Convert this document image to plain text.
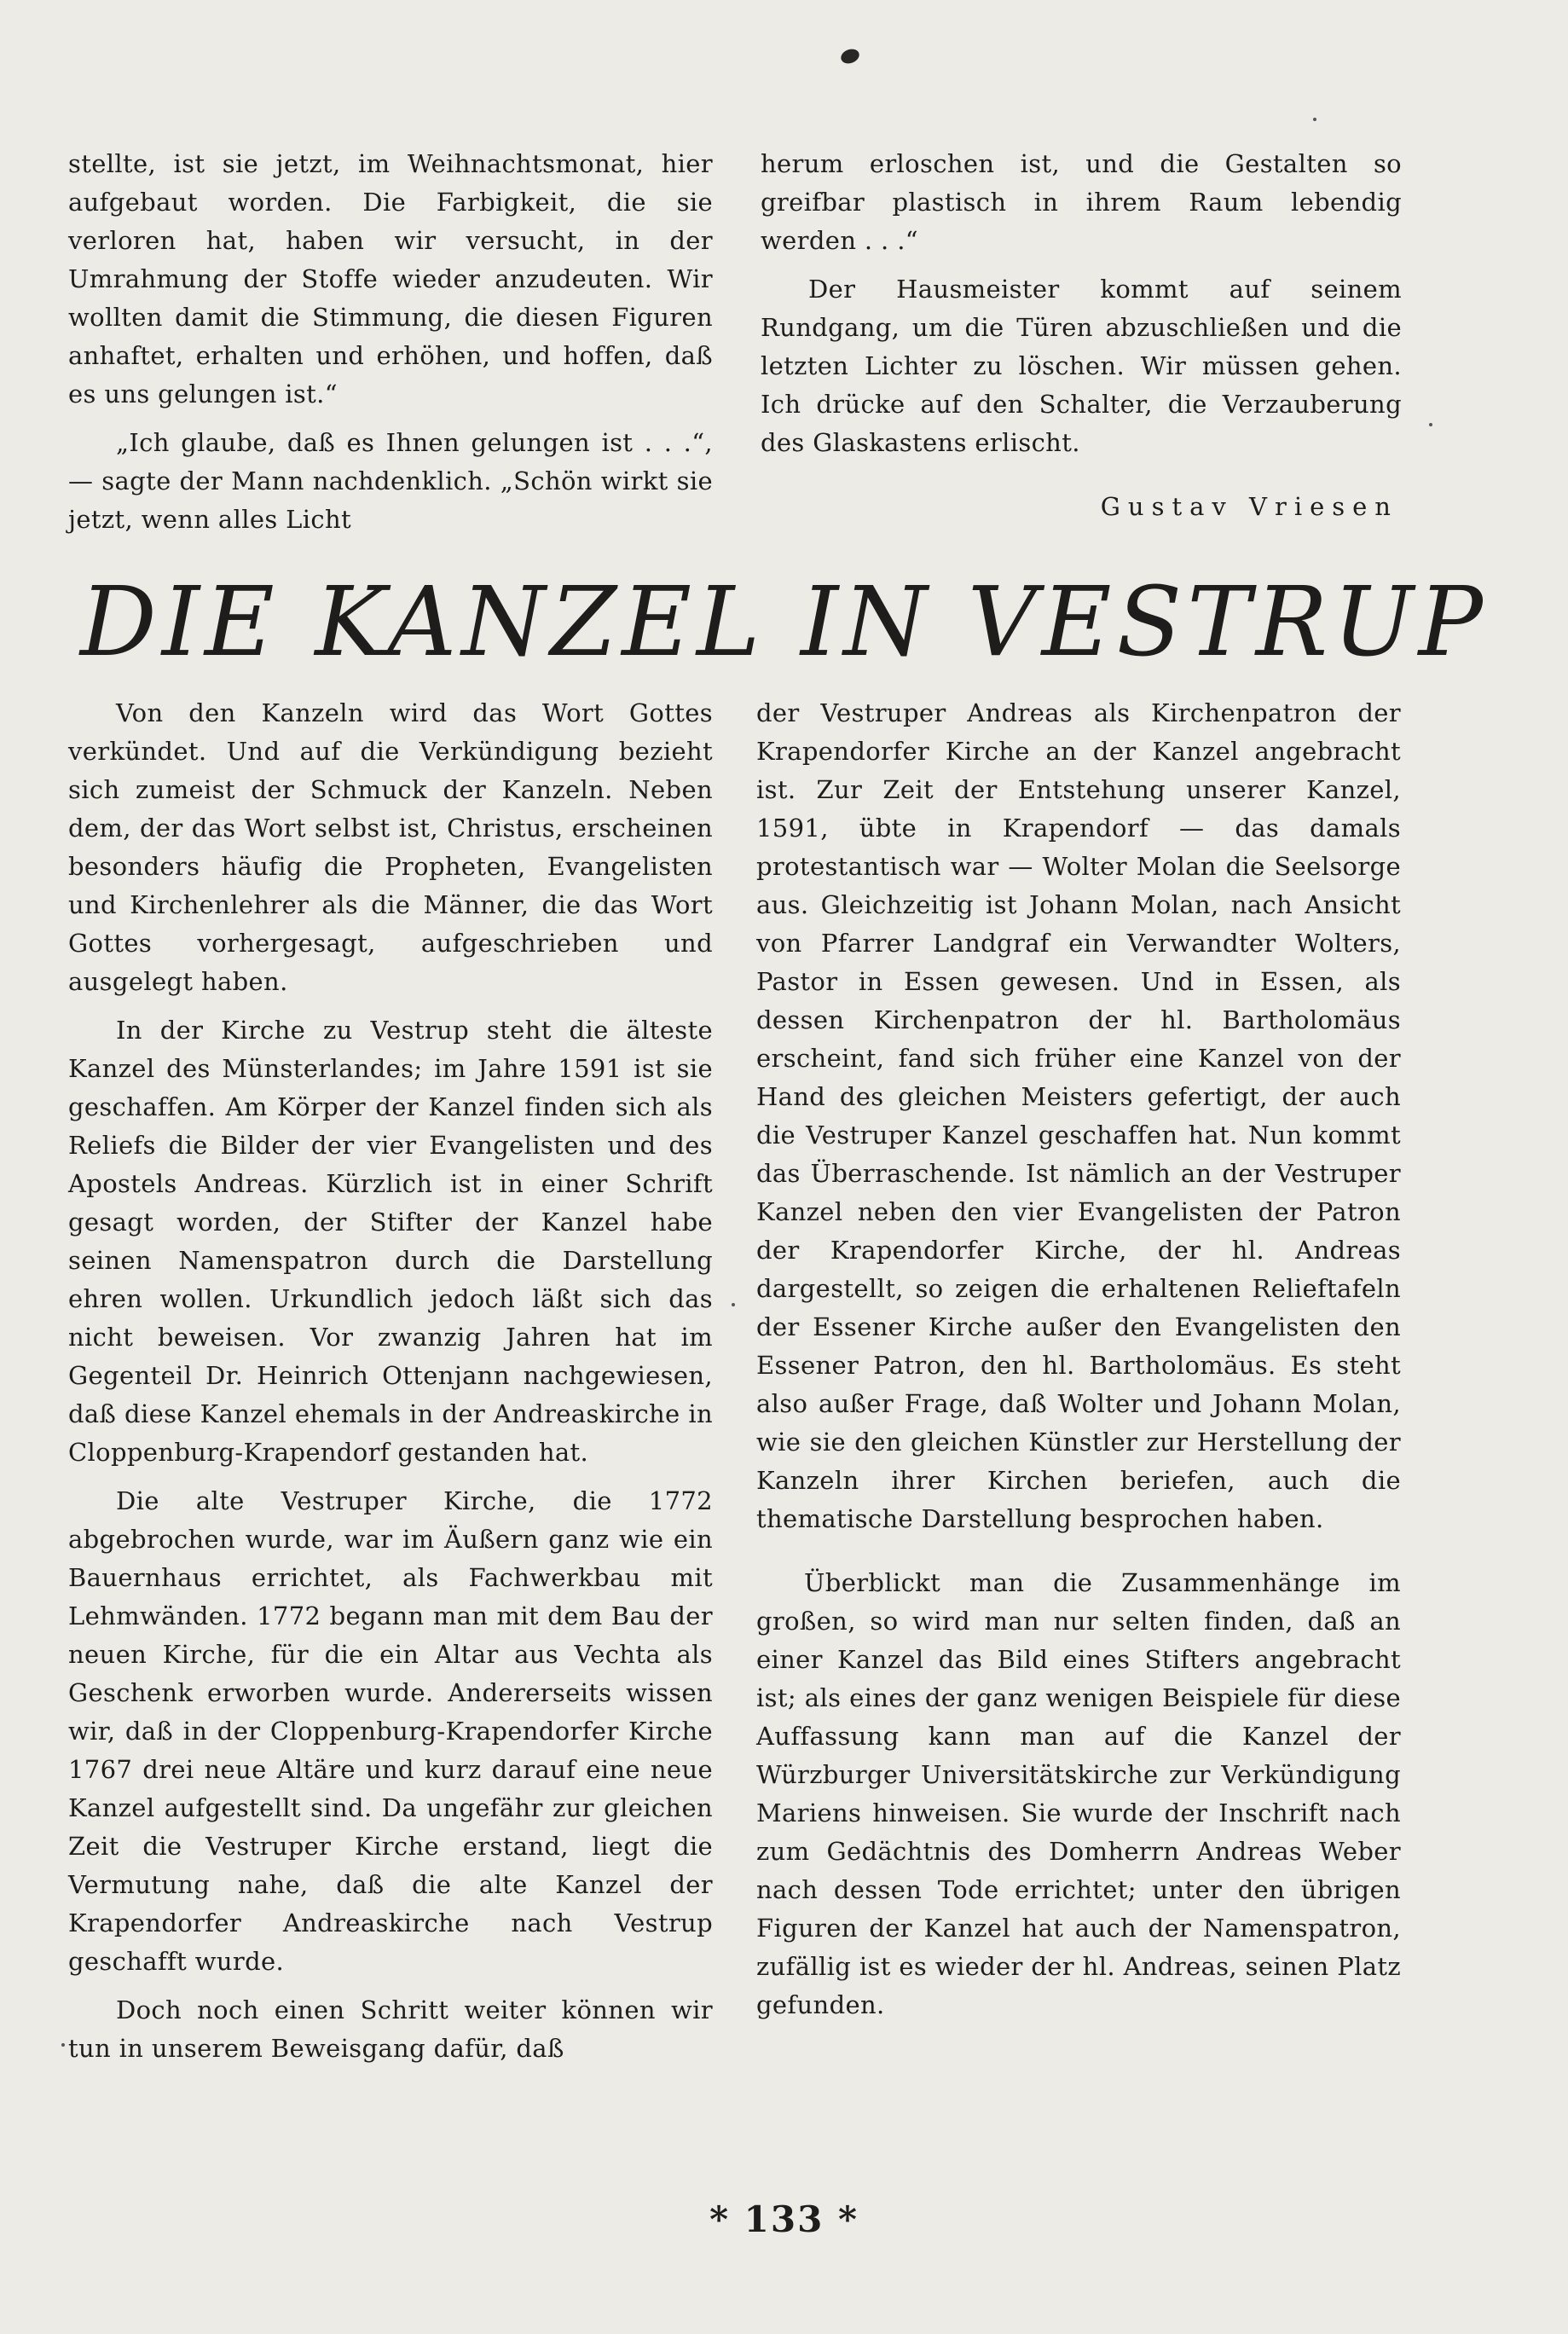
stellte, ist sie jetzt, im Weihnachtsmonat, hier aufgebaut worden. Die Farbigkeit, die sie verloren hat, haben wir versucht, in der Umrahmung der Stoffe wieder anzudeuten. Wir wollten damit die Stimmung, die diesen Figuren anhaftet, erhalten und erhöhen, und hoffen, daß es uns gelungen ist.“

„Ich glaube, daß es Ihnen gelungen ist . . .“, — sagte der Mann nachdenklich. „Schön wirkt sie jetzt, wenn alles Licht

herum erloschen ist, und die Gestalten so greifbar plastisch in ihrem Raum lebendig werden . . .“

Der Hausmeister kommt auf seinem Rundgang, um die Türen abzuschließen und die letzten Lichter zu löschen. Wir müssen gehen. Ich drücke auf den Schalter, die Verzauberung des Glaskastens erlischt.

Gustav Vriesen

DIE KANZEL IN VESTRUP

Von den Kanzeln wird das Wort Gottes verkündet. Und auf die Verkündigung bezieht sich zumeist der Schmuck der Kanzeln. Neben dem, der das Wort selbst ist, Christus, erscheinen besonders häufig die Propheten, Evangelisten und Kirchenlehrer als die Männer, die das Wort Gottes vorhergesagt, aufgeschrieben und ausgelegt haben.

In der Kirche zu Vestrup steht die älteste Kanzel des Münsterlandes; im Jahre 1591 ist sie geschaffen. Am Körper der Kanzel finden sich als Reliefs die Bilder der vier Evangelisten und des Apostels Andreas. Kürzlich ist in einer Schrift gesagt worden, der Stifter der Kanzel habe seinen Namenspatron durch die Darstellung ehren wollen. Urkundlich jedoch läßt sich das nicht beweisen. Vor zwanzig Jahren hat im Gegenteil Dr. Heinrich Ottenjann nachgewiesen, daß diese Kanzel ehemals in der Andreaskirche in Cloppenburg-Krapendorf gestanden hat.

Die alte Vestruper Kirche, die 1772 abgebrochen wurde, war im Äußern ganz wie ein Bauernhaus errichtet, als Fachwerkbau mit Lehmwänden. 1772 begann man mit dem Bau der neuen Kirche, für die ein Altar aus Vechta als Geschenk erworben wurde. Andererseits wissen wir, daß in der Cloppenburg-Krapendorfer Kirche 1767 drei neue Altäre und kurz darauf eine neue Kanzel aufgestellt sind. Da ungefähr zur gleichen Zeit die Vestruper Kirche erstand, liegt die Vermutung nahe, daß die alte Kanzel der Krapendorfer Andreaskirche nach Vestrup geschafft wurde.

Doch noch einen Schritt weiter können wir tun in unserem Beweisgang dafür, daß

der Vestruper Andreas als Kirchenpatron der Krapendorfer Kirche an der Kanzel angebracht ist. Zur Zeit der Entstehung unserer Kanzel, 1591, übte in Krapendorf — das damals protestantisch war — Wolter Molan die Seelsorge aus. Gleichzeitig ist Johann Molan, nach Ansicht von Pfarrer Landgraf ein Verwandter Wolters, Pastor in Essen gewesen. Und in Essen, als dessen Kirchenpatron der hl. Bartholomäus erscheint, fand sich früher eine Kanzel von der Hand des gleichen Meisters gefertigt, der auch die Vestruper Kanzel geschaffen hat. Nun kommt das Überraschende. Ist nämlich an der Vestruper Kanzel neben den vier Evangelisten der Patron der Krapendorfer Kirche, der hl. Andreas dargestellt, so zeigen die erhaltenen Relieftafeln der Essener Kirche außer den Evangelisten den Essener Patron, den hl. Bartholomäus. Es steht also außer Frage, daß Wolter und Johann Molan, wie sie den gleichen Künstler zur Herstellung der Kanzeln ihrer Kirchen beriefen, auch die thematische Darstellung besprochen haben.

Überblickt man die Zusammenhänge im großen, so wird man nur selten finden, daß an einer Kanzel das Bild eines Stifters angebracht ist; als eines der ganz wenigen Beispiele für diese Auffassung kann man auf die Kanzel der Würzburger Universitätskirche zur Verkündigung Mariens hinweisen. Sie wurde der Inschrift nach zum Gedächtnis des Domherrn Andreas Weber nach dessen Tode errichtet; unter den übrigen Figuren der Kanzel hat auch der Namenspatron, zufällig ist es wieder der hl. Andreas, seinen Platz gefunden.

* 133 *
